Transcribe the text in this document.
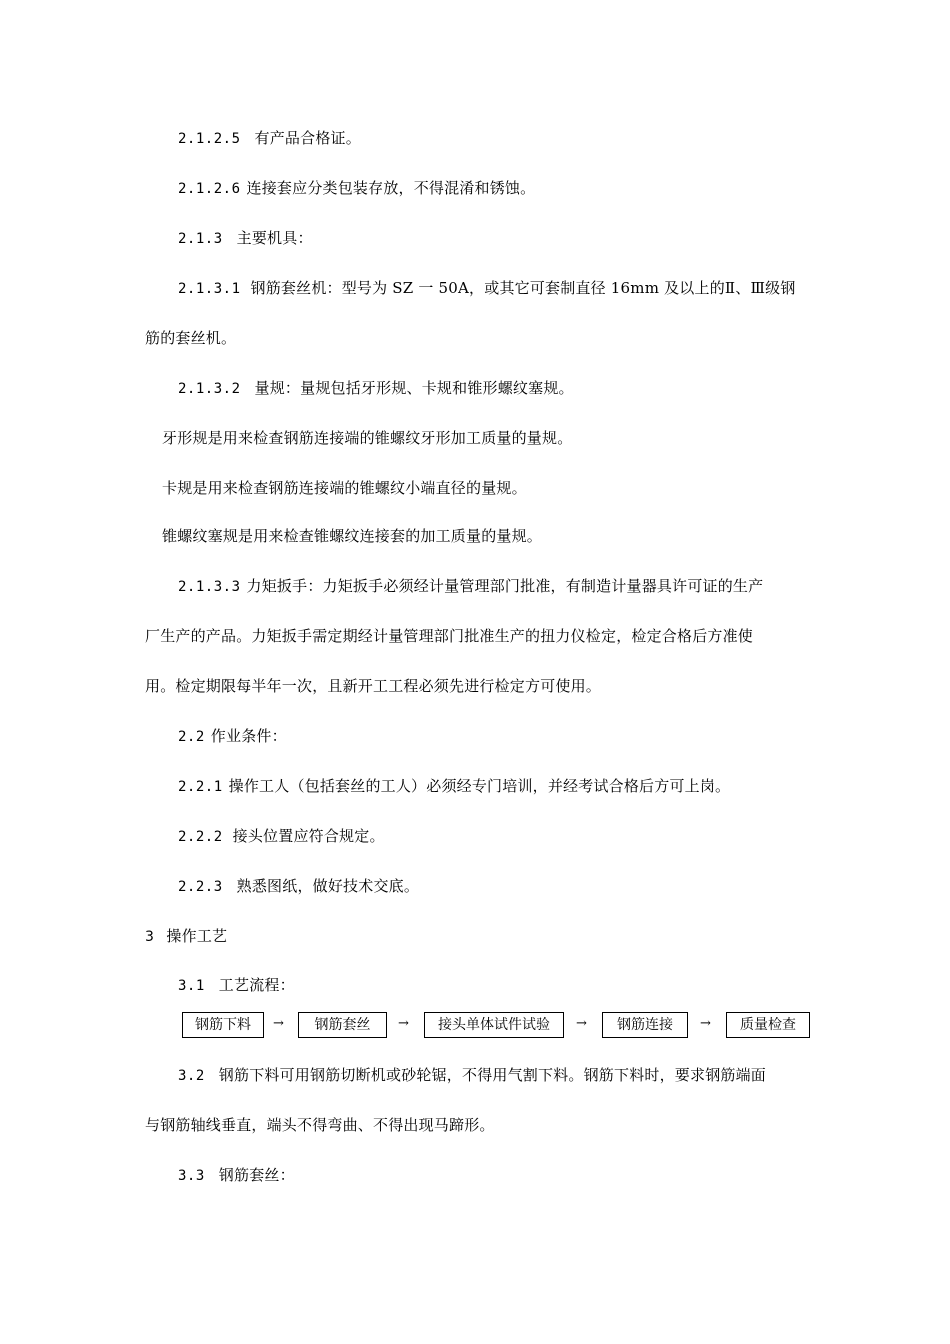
2.1.2.5 有产品合格证。
2.1.2.6 连接套应分类包装存放，不得混淆和锈蚀。
2.1.3 主要机具：
2.1.3.1 钢筋套丝机：型号为 SZ 一 50A，或其它可套制直径 16mm 及以上的Ⅱ、Ⅲ级钢
筋的套丝机。
2.1.3.2 量规：量规包括牙形规、卡规和锥形螺纹塞规。
牙形规是用来检查钢筋连接端的锥螺纹牙形加工质量的量规。
卡规是用来检查钢筋连接端的锥螺纹小端直径的量规。
锥螺纹塞规是用来检查锥螺纹连接套的加工质量的量规。
2.1.3.3 力矩扳手：力矩扳手必须经计量管理部门批准，有制造计量器具许可证的生产
厂生产的产品。力矩扳手需定期经计量管理部门批准生产的扭力仪检定，检定合格后方准使
用。检定期限每半年一次，且新开工工程必须先进行检定方可使用。
2.2 作业条件：
2.2.1 操作工人（包括套丝的工人）必须经专门培训，并经考试合格后方可上岗。
2.2.2 接头位置应符合规定。
2.2.3 熟悉图纸，做好技术交底。
3 操作工艺
3.1 工艺流程：
钢筋下料	→	钢筋套丝	→	接头单体试件试验	→	钢筋连接	→	质量检查
3.2 钢筋下料可用钢筋切断机或砂轮锯，不得用气割下料。钢筋下料时，要求钢筋端面
与钢筋轴线垂直，端头不得弯曲、不得出现马蹄形。
3.3 钢筋套丝：
